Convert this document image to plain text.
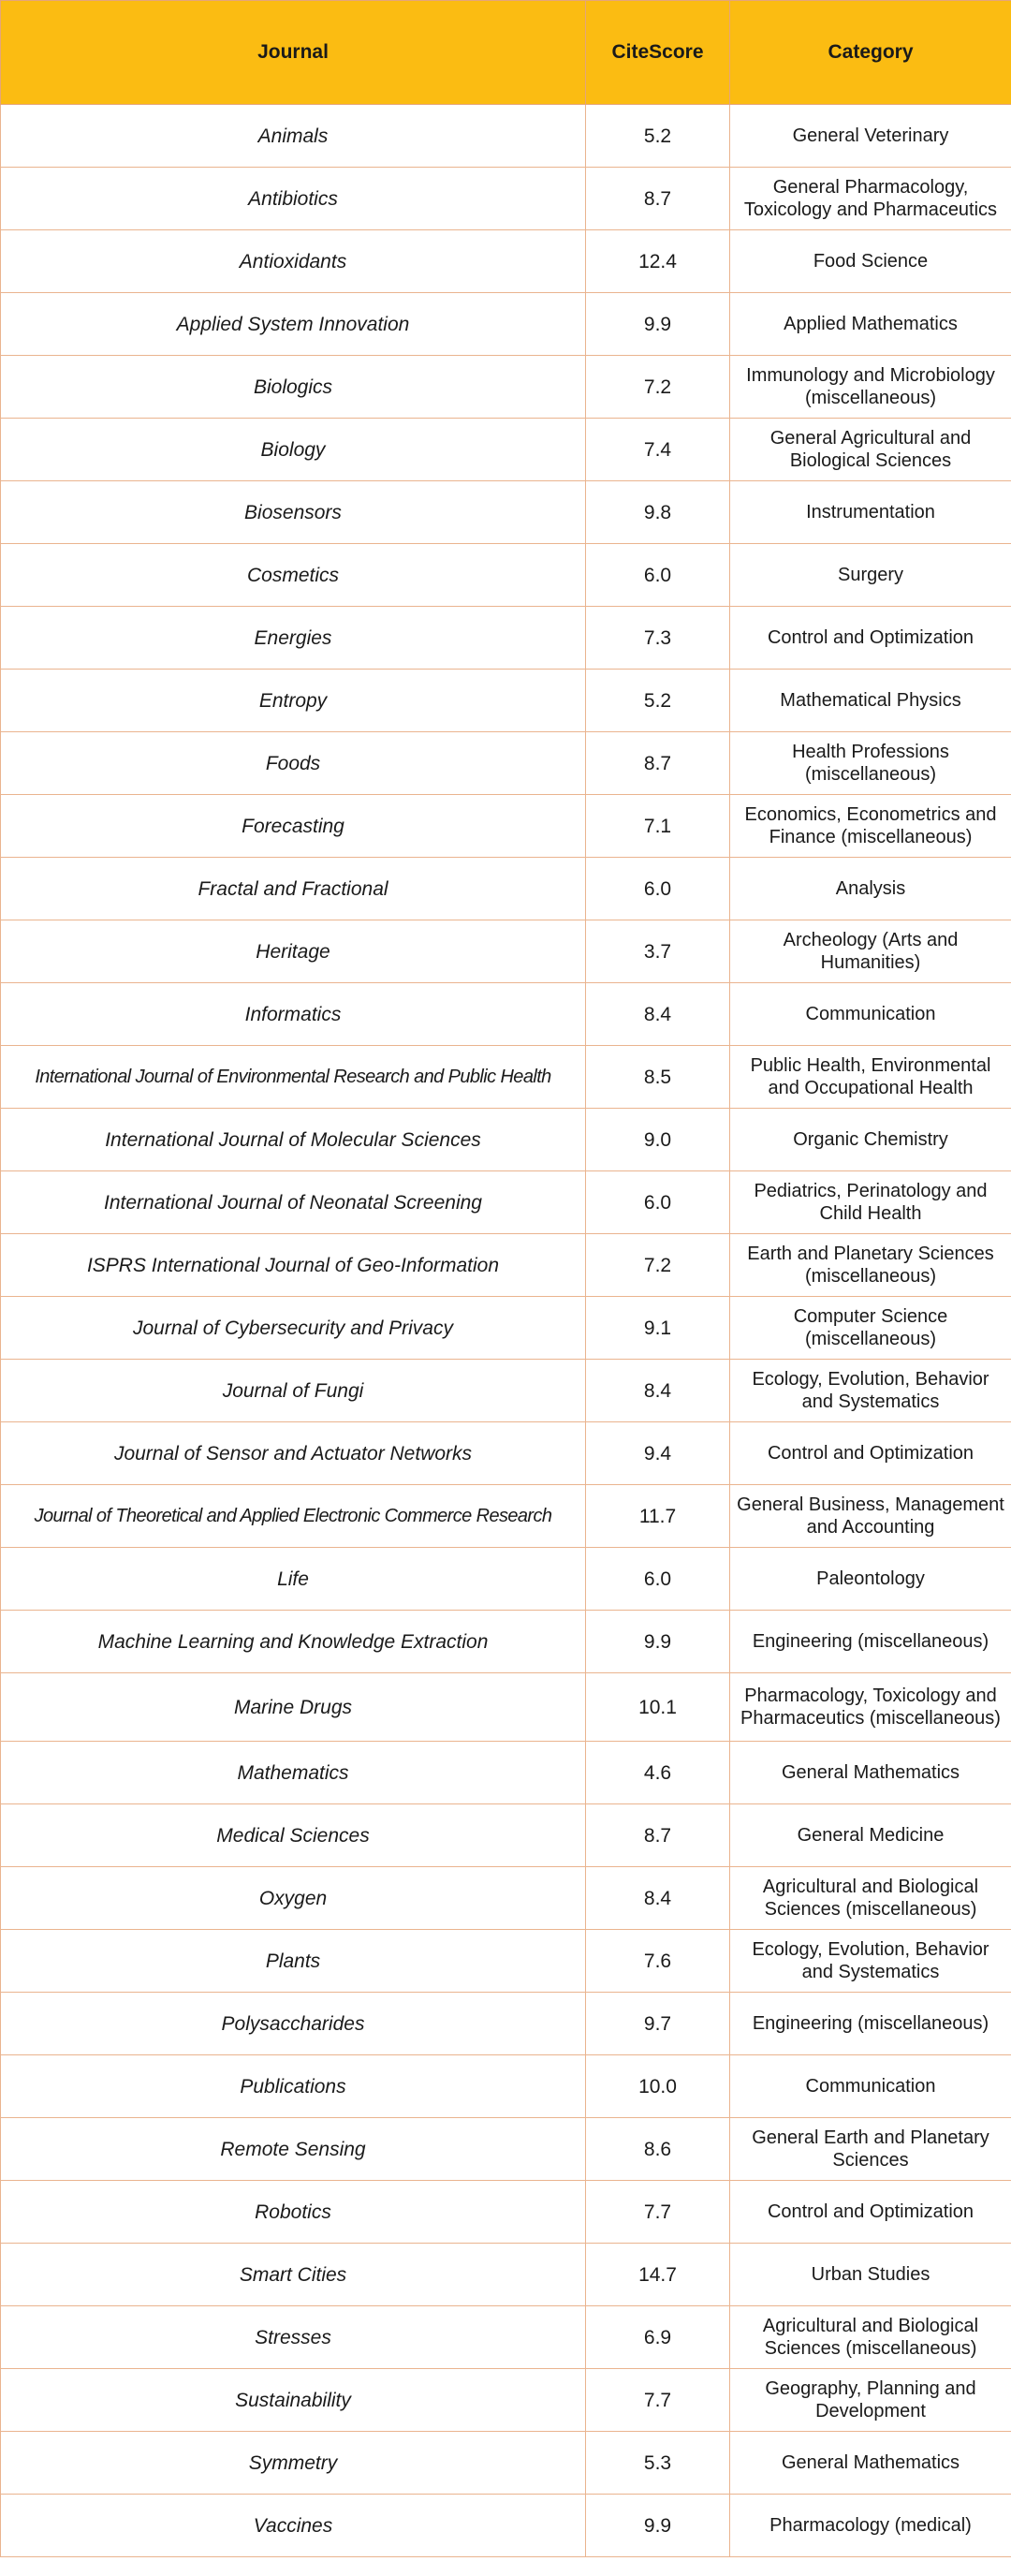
Journal	CiteScore	Category
Animals	5.2	General Veterinary
Antibiotics	8.7	General Pharmacology, Toxicology and Pharmaceutics
Antioxidants	12.4	Food Science
Applied System Innovation	9.9	Applied Mathematics
Biologics	7.2	Immunology and Microbiology (miscellaneous)
Biology	7.4	General Agricultural and Biological Sciences
Biosensors	9.8	Instrumentation
Cosmetics	6.0	Surgery
Energies	7.3	Control and Optimization
Entropy	5.2	Mathematical Physics
Foods	8.7	Health Professions (miscellaneous)
Forecasting	7.1	Economics, Econometrics and Finance (miscellaneous)
Fractal and Fractional	6.0	Analysis
Heritage	3.7	Archeology (Arts and Humanities)
Informatics	8.4	Communication
International Journal of Environmental Research and Public Health	8.5	Public Health, Environmental and Occupational Health
International Journal of Molecular Sciences	9.0	Organic Chemistry
International Journal of Neonatal Screening	6.0	Pediatrics, Perinatology and Child Health
ISPRS International Journal of Geo-Information	7.2	Earth and Planetary Sciences (miscellaneous)
Journal of Cybersecurity and Privacy	9.1	Computer Science (miscellaneous)
Journal of Fungi	8.4	Ecology, Evolution, Behavior and Systematics
Journal of Sensor and Actuator Networks	9.4	Control and Optimization
Journal of Theoretical and Applied Electronic Commerce Research	11.7	General Business, Management and Accounting
Life	6.0	Paleontology
Machine Learning and Knowledge Extraction	9.9	Engineering (miscellaneous)
Marine Drugs	10.1	Pharmacology, Toxicology and Pharmaceutics (miscellaneous)
Mathematics	4.6	General Mathematics
Medical Sciences	8.7	General Medicine
Oxygen	8.4	Agricultural and Biological Sciences (miscellaneous)
Plants	7.6	Ecology, Evolution, Behavior and Systematics
Polysaccharides	9.7	Engineering (miscellaneous)
Publications	10.0	Communication
Remote Sensing	8.6	General Earth and Planetary Sciences
Robotics	7.7	Control and Optimization
Smart Cities	14.7	Urban Studies
Stresses	6.9	Agricultural and Biological Sciences (miscellaneous)
Sustainability	7.7	Geography, Planning and Development
Symmetry	5.3	General Mathematics
Vaccines	9.9	Pharmacology (medical)
